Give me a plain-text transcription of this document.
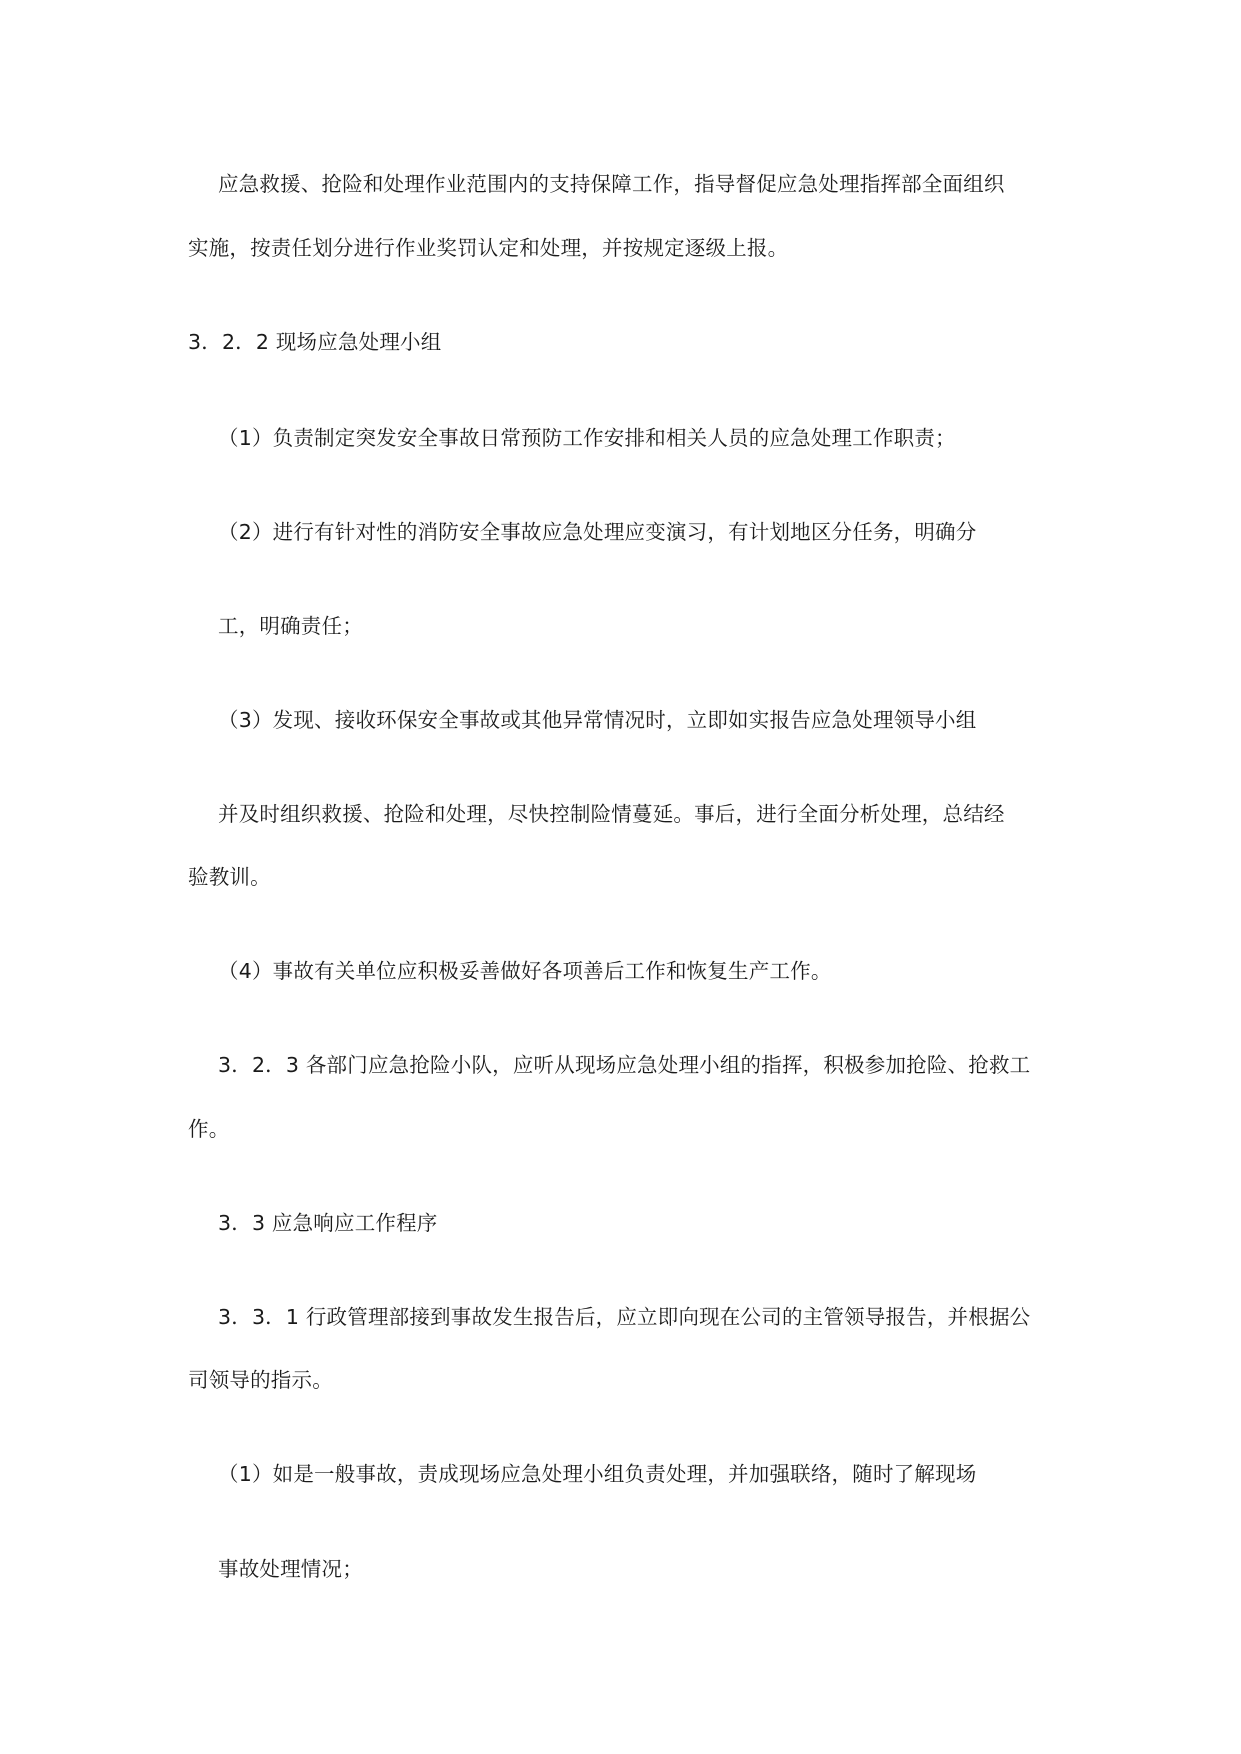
应急救援、抢险和处理作业范围内的支持保障工作，指导督促应急处理指挥部全面组织
实施，按责任划分进行作业奖罚认定和处理，并按规定逐级上报。
3．2．2 现场应急处理小组
（1）负责制定突发安全事故日常预防工作安排和相关人员的应急处理工作职责；
（2）进行有针对性的消防安全事故应急处理应变演习，有计划地区分任务，明确分
工，明确责任；
（3）发现、接收环保安全事故或其他异常情况时，立即如实报告应急处理领导小组
并及时组织救援、抢险和处理，尽快控制险情蔓延。事后，进行全面分析处理，总结经
验教训。
（4）事故有关单位应积极妥善做好各项善后工作和恢复生产工作。
3．2．3 各部门应急抢险小队，应听从现场应急处理小组的指挥，积极参加抢险、抢救工
作。
3．3 应急响应工作程序
3．3．1 行政管理部接到事故发生报告后，应立即向现在公司的主管领导报告，并根据公
司领导的指示。
（1）如是一般事故，责成现场应急处理小组负责处理，并加强联络，随时了解现场
事故处理情况；
